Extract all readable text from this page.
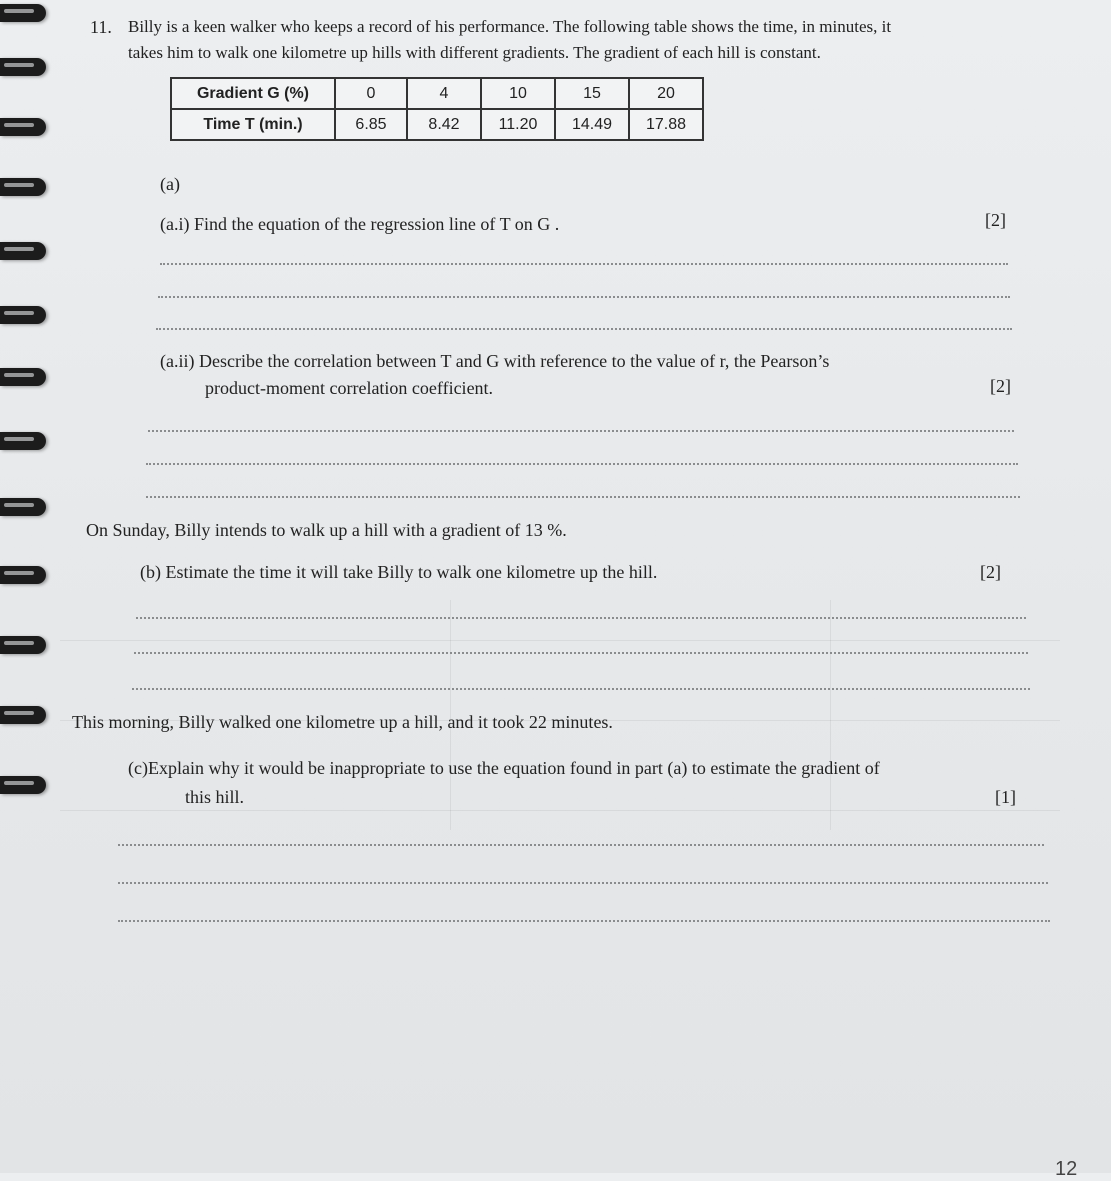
11. Billy is a keen walker who keeps a record of his performance. The following table shows the time, in minutes, it
takes him to walk one kilometre up hills with different gradients. The gradient of each hill is constant.
Gradient G (%)	0	4	10	15	20
Time T (min.)	6.85	8.42	11.20	14.49	17.88
(a)
(a.i) Find the equation of the regression line of T on G .	[2]
(a.ii) Describe the correlation between T and G with reference to the value of r, the Pearson’s
product-moment correlation coefficient.	[2]
On Sunday, Billy intends to walk up a hill with a gradient of 13 %.
(b) Estimate the time it will take Billy to walk one kilometre up the hill.	[2]
This morning, Billy walked one kilometre up a hill, and it took 22 minutes.
(c)Explain why it would be inappropriate to use the equation found in part (a) to estimate the gradient of
this hill.	[1]
12
